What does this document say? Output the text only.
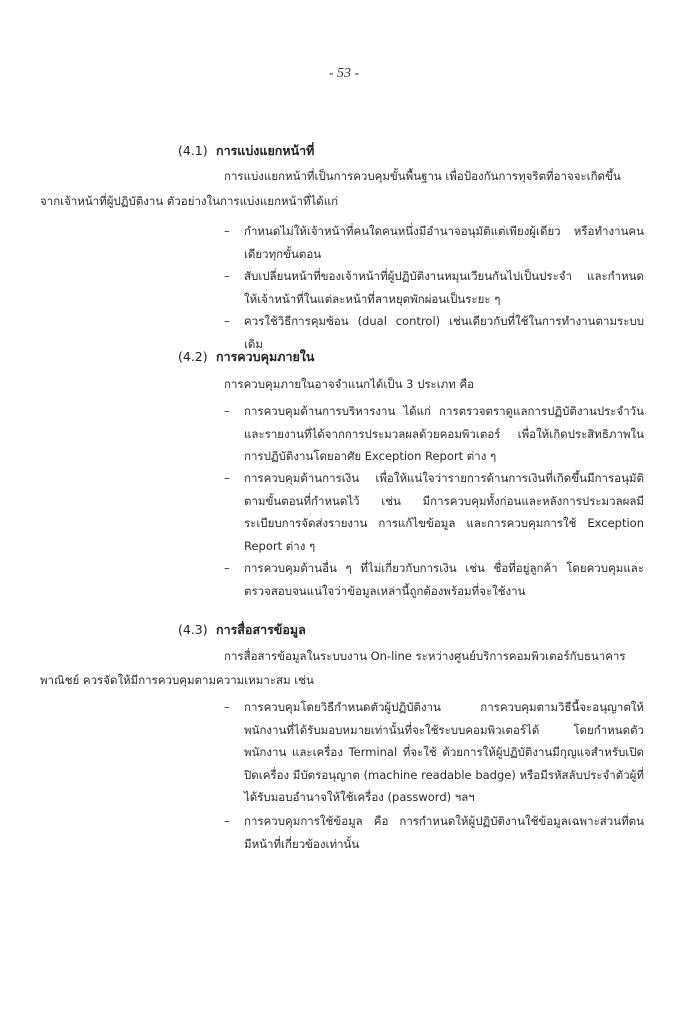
- 53 -
(4.1) การแบ่งแยกหน้าที่
การแบ่งแยกหน้าที่เป็นการควบคุมขั้นพื้นฐาน เพื่อป้องกันการทุจริตที่อาจจะเกิดขึ้น
จากเจ้าหน้าที่ผู้ปฏิบัติงาน ตัวอย่างในการแบ่งแยกหน้าที่ได้แก่
–	กำหนดไม่ให้เจ้าหน้าที่คนใดคนหนึ่งมีอำนาจอนุมัติแต่เพียงผู้เดียว หรือทำงานคนเดียวทุกขั้นตอน
–	สับเปลี่ยนหน้าที่ของเจ้าหน้าที่ผู้ปฏิบัติงานหมุนเวียนกันไปเป็นประจำ และกำหนดให้เจ้าหน้าที่ในแต่ละหน้าที่ลาหยุดพักผ่อนเป็นระยะ ๆ
–	ควรใช้วิธีการคุมซ้อน (dual control) เช่นเดียวกับที่ใช้ในการทำงานตามระบบเดิม
(4.2) การควบคุมภายใน
การควบคุมภายในอาจจำแนกได้เป็น 3 ประเภท คือ
–	การควบคุมด้านการบริหารงาน ได้แก่ การตรวจตราดูแลการปฏิบัติงานประจำวันและรายงานที่ได้จากการประมวลผลด้วยคอมพิวเตอร์ เพื่อให้เกิดประสิทธิภาพในการปฏิบัติงานโดยอาศัย Exception Report ต่าง ๆ
–	การควบคุมด้านการเงิน เพื่อให้แน่ใจว่ารายการด้านการเงินที่เกิดขึ้นมีการอนุมัติตามขั้นตอนที่กำหนดไว้ เช่น มีการควบคุมทั้งก่อนและหลังการประมวลผลมีระเบียบการจัดส่งรายงาน การแก้ไขข้อมูล และการควบคุมการใช้ Exception Report ต่าง ๆ
–	การควบคุมด้านอื่น ๆ ที่ไม่เกี่ยวกับการเงิน เช่น ชื่อที่อยู่ลูกค้า โดยควบคุมและตรวจสอบจนแน่ใจว่าข้อมูลเหล่านี้ถูกต้องพร้อมที่จะใช้งาน
(4.3) การสื่อสารข้อมูล
การสื่อสารข้อมูลในระบบงาน On-line ระหว่างศูนย์บริการคอมพิวเตอร์กับธนาคาร
พาณิชย์ ควรจัดให้มีการควบคุมตามความเหมาะสม เช่น
–	การควบคุมโดยวิธีกำหนดตัวผู้ปฏิบัติงาน การควบคุมตามวิธีนี้จะอนุญาตให้พนักงานที่ได้รับมอบหมายเท่านั้นที่จะใช้ระบบคอมพิวเตอร์ได้ โดยกำหนดตัวพนักงาน และเครื่อง Terminal ที่จะใช้ ด้วยการให้ผู้ปฏิบัติงานมีกุญแจสำหรับเปิดปิดเครื่อง มีบัตรอนุญาต (machine readable badge) หรือมีรหัสลับประจำตัวผู้ที่ ได้รับมอบอำนาจให้ใช้เครื่อง (password) ฯลฯ
–	การควบคุมการใช้ข้อมูล คือ การกำหนดให้ผู้ปฏิบัติงานใช้ข้อมูลเฉพาะส่วนที่ตนมีหน้าที่เกี่ยวข้องเท่านั้น
